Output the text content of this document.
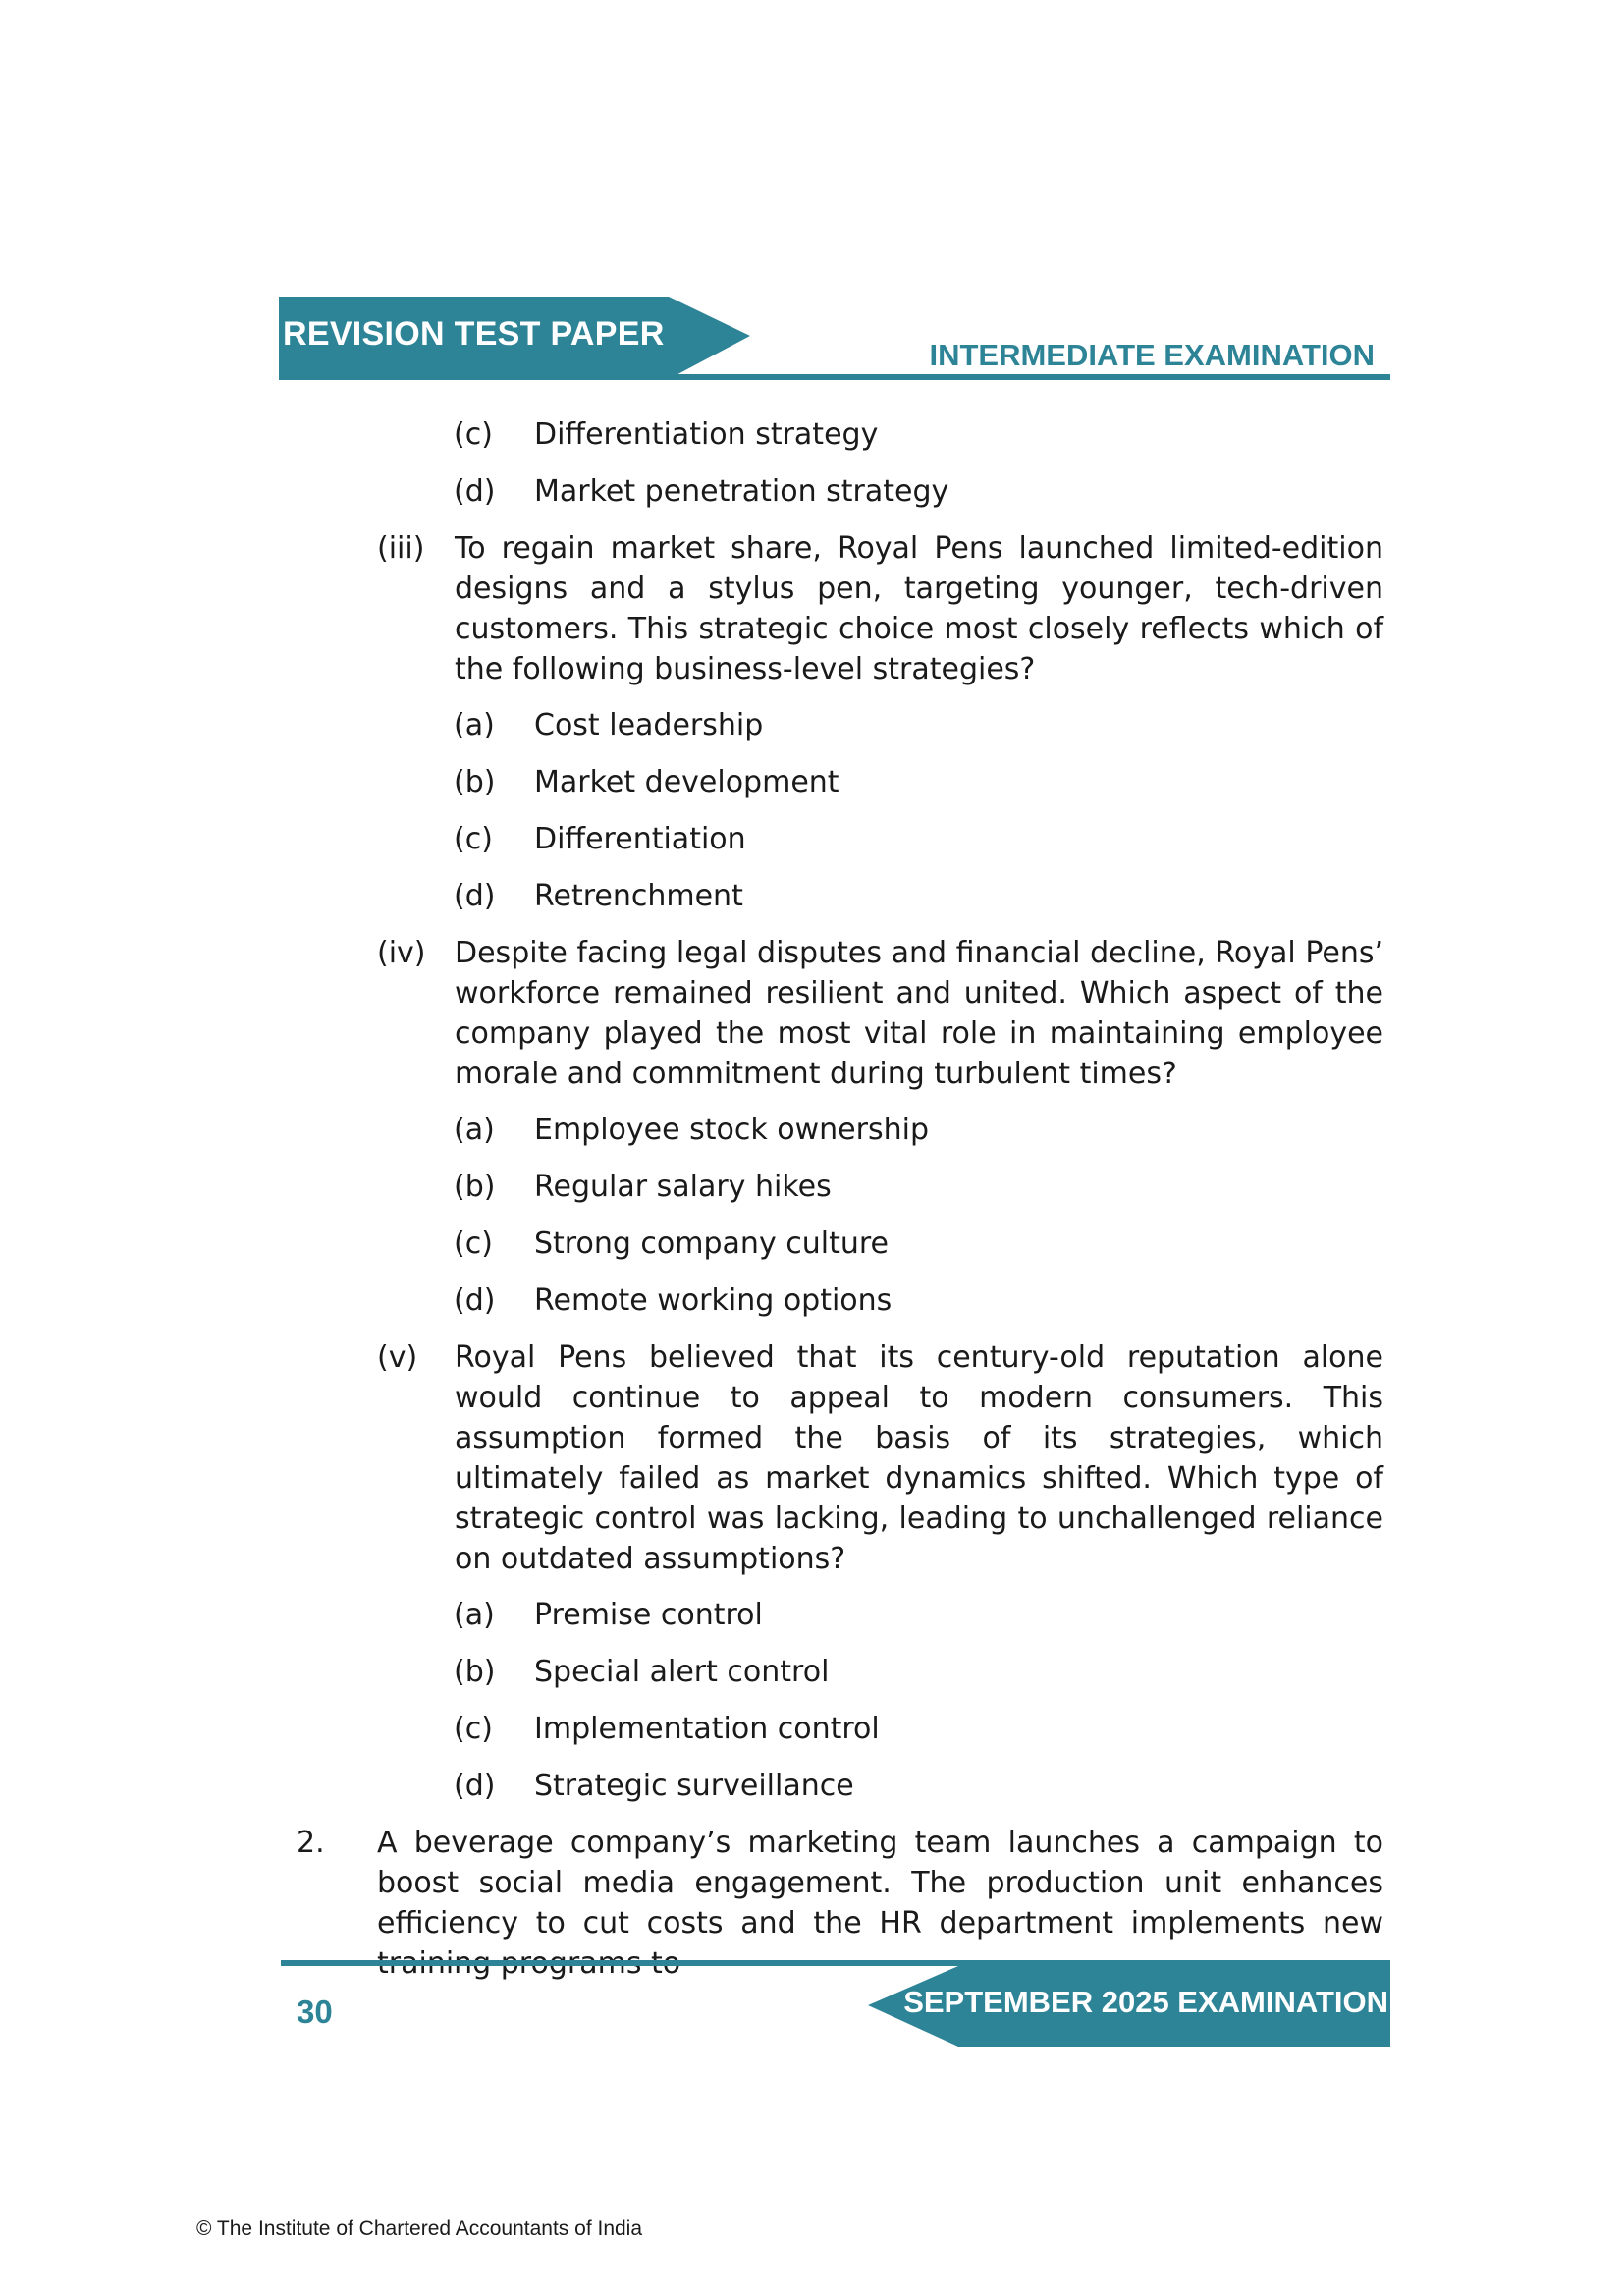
REVISION TEST PAPER
INTERMEDIATE EXAMINATION
(c) Differentiation strategy
(d) Market penetration strategy
(iii) To regain market share, Royal Pens launched limited-edition designs and a stylus pen, targeting younger, tech-driven customers. This strategic choice most closely reflects which of the following business-level strategies?
(a) Cost leadership
(b) Market development
(c) Differentiation
(d) Retrenchment
(iv) Despite facing legal disputes and financial decline, Royal Pens’ workforce remained resilient and united. Which aspect of the company played the most vital role in maintaining employee morale and commitment during turbulent times?
(a) Employee stock ownership
(b) Regular salary hikes
(c) Strong company culture
(d) Remote working options
(v) Royal Pens believed that its century-old reputation alone would continue to appeal to modern consumers. This assumption formed the basis of its strategies, which ultimately failed as market dynamics shifted. Which type of strategic control was lacking, leading to unchallenged reliance on outdated assumptions?
(a) Premise control
(b) Special alert control
(c) Implementation control
(d) Strategic surveillance
2. A beverage company’s marketing team launches a campaign to boost social media engagement. The production unit enhances efficiency to cut costs and the HR department implements new
SEPTEMBER 2025 EXAMINATION
30
© The Institute of Chartered Accountants of India
